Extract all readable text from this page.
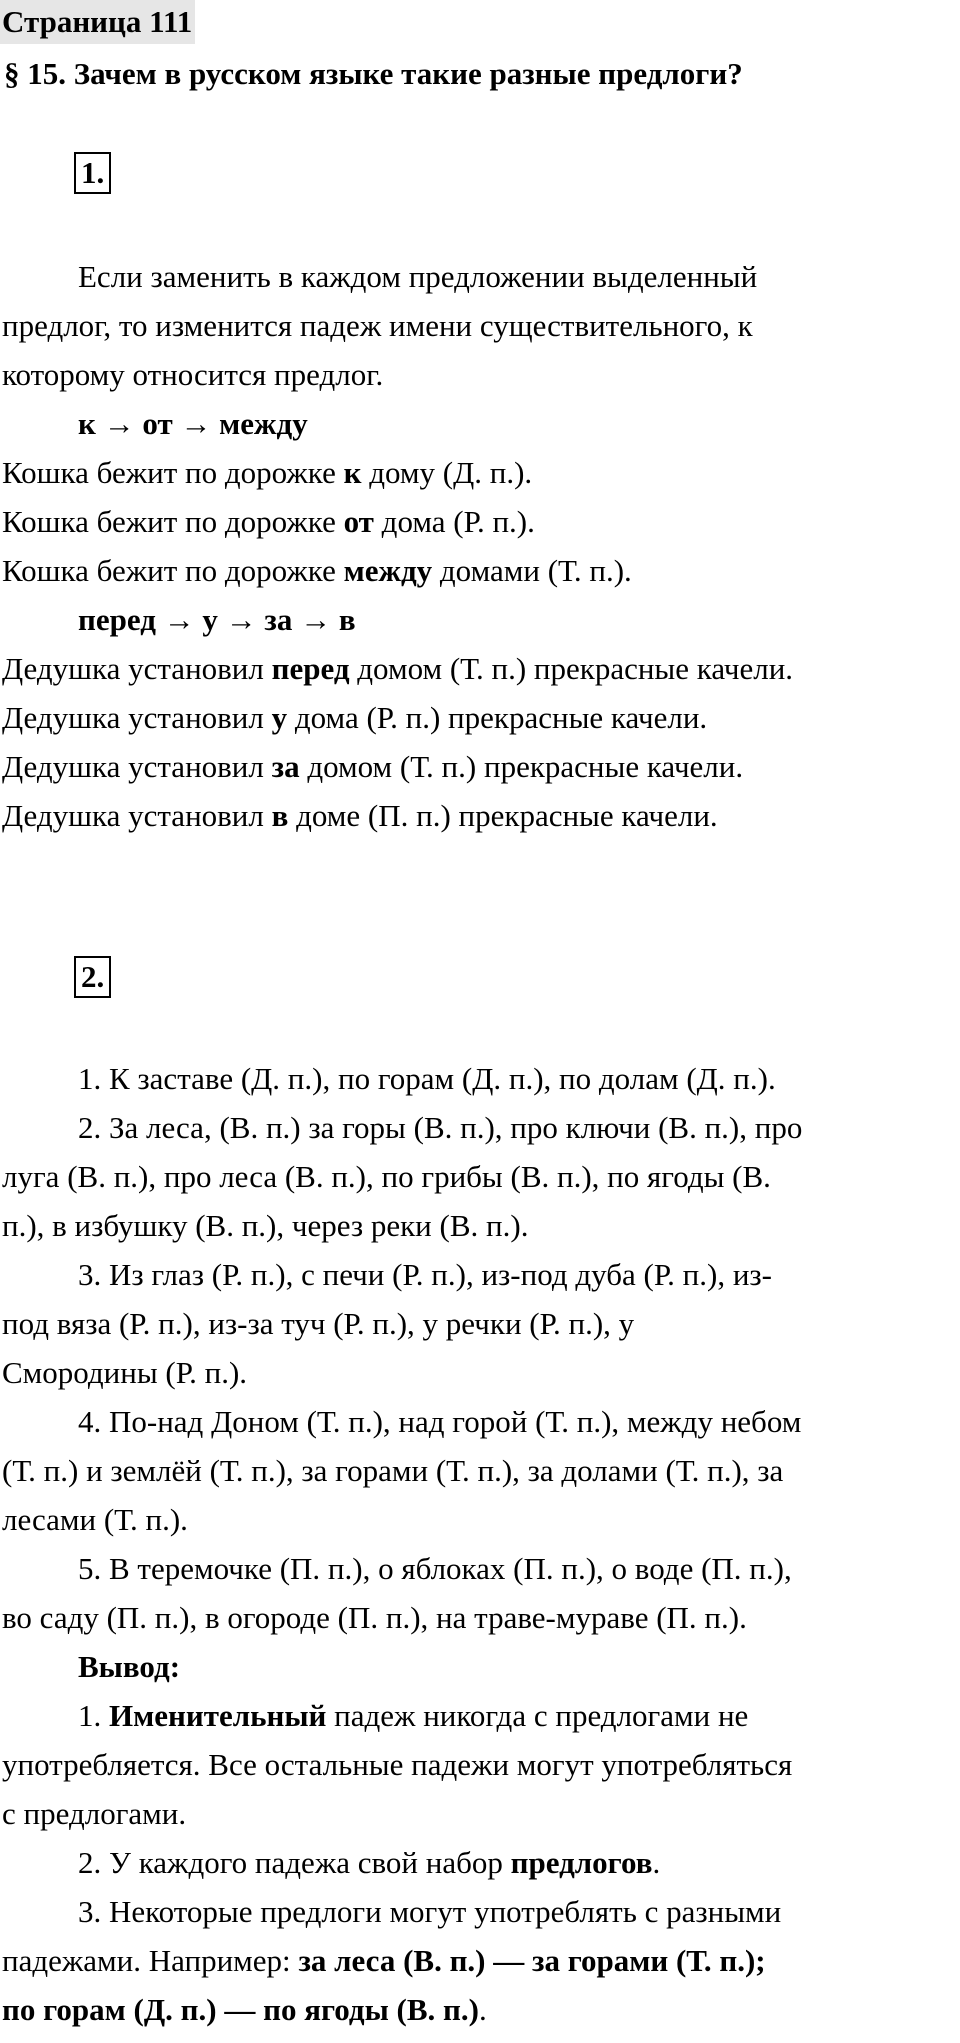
Страница 111
§ 15. Зачем в русском языке такие разные предлоги?
1.
Если заменить в каждом предложении выделенный
предлог, то изменится падеж имени существительного, к
которому относится предлог.
к → от → между
Кошка бежит по дорожке к дому (Д. п.).
Кошка бежит по дорожке от дома (Р. п.).
Кошка бежит по дорожке между домами (Т. п.).
перед → у → за → в
Дедушка установил перед домом (Т. п.) прекрасные качели.
Дедушка установил у дома (Р. п.) прекрасные качели.
Дедушка установил за домом (Т. п.) прекрасные качели.
Дедушка установил в доме (П. п.) прекрасные качели.
2.
1. К заставе (Д. п.), по горам (Д. п.), по долам (Д. п.).
2. За леса, (В. п.) за горы (В. п.), про ключи (В. п.), про
луга (В. п.), про леса (В. п.), по грибы (В. п.), по ягоды (В.
п.), в избушку (В. п.), через реки (В. п.).
3. Из глаз (Р. п.), с печи (Р. п.), из-под дуба (Р. п.), из-
под вяза (Р. п.), из-за туч (Р. п.), у речки (Р. п.), у
Смородины (Р. п.).
4. По-над Доном (Т. п.), над горой (Т. п.), между небом
(Т. п.) и землёй (Т. п.), за горами (Т. п.), за долами (Т. п.), за
лесами (Т. п.).
5. В теремочке (П. п.), о яблоках (П. п.), о воде (П. п.),
во саду (П. п.), в огороде (П. п.), на траве-мураве (П. п.).
Вывод:
1. Именительный падеж никогда с предлогами не
употребляется. Все остальные падежи могут употребляться
с предлогами.
2. У каждого падежа свой набор предлогов.
3. Некоторые предлоги могут употреблять с разными
падежами. Например: за леса (В. п.) — за горами (Т. п.);
по горам (Д. п.) — по ягоды (В. п.).
